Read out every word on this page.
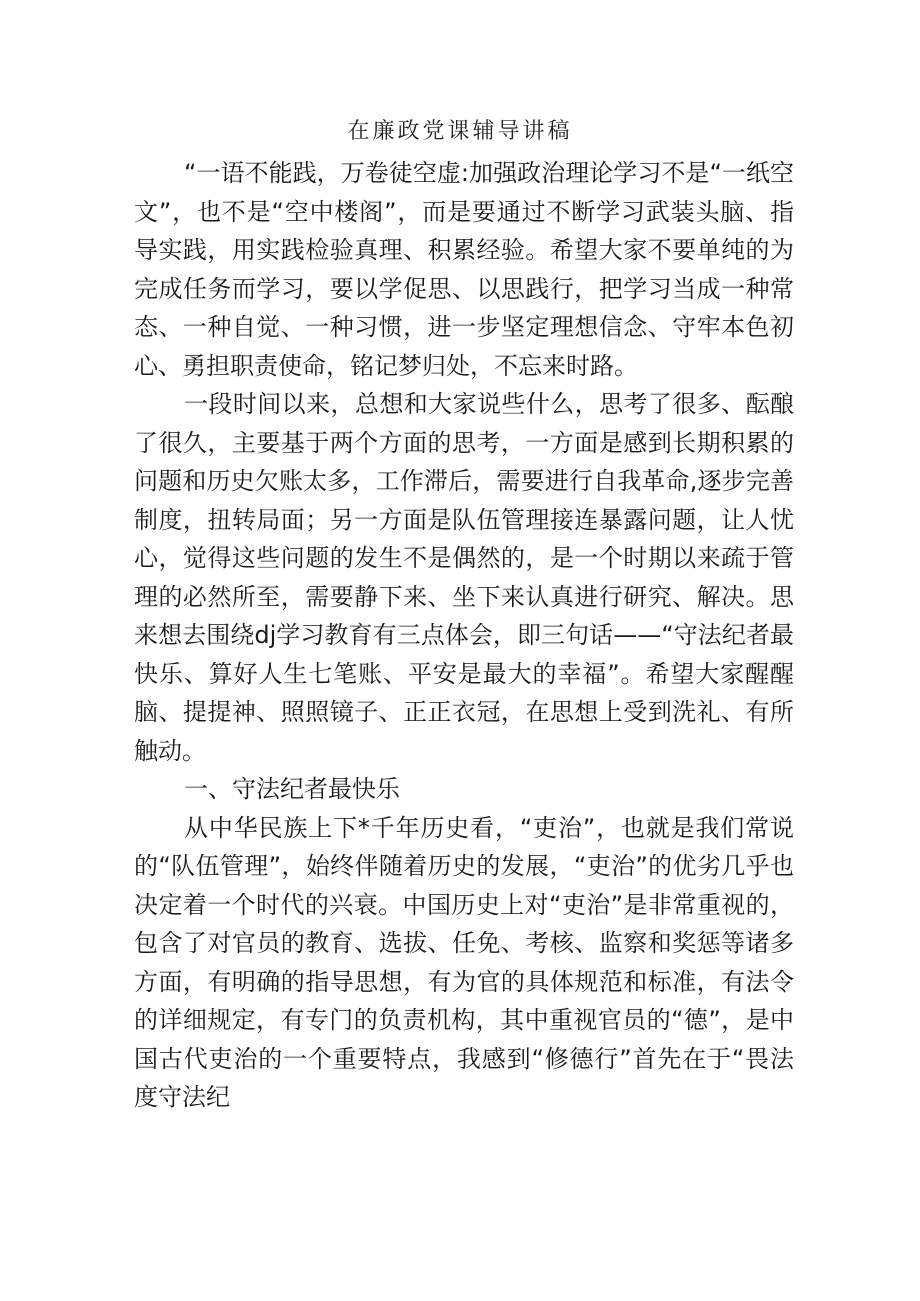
在廉政党课辅导讲稿

“一语不能践，万卷徒空虚:加强政治理论学习不是“一纸空文”，也不是“空中楼阁”，而是要通过不断学习武装头脑、指导实践，用实践检验真理、积累经验。希望大家不要单纯的为完成任务而学习，要以学促思、以思践行，把学习当成一种常态、一种自觉、一种习惯，进一步坚定理想信念、守牢本色初心、勇担职责使命，铭记梦归处，不忘来时路。

一段时间以来，总想和大家说些什么，思考了很多、酝酿了很久，主要基于两个方面的思考，一方面是感到长期积累的问题和历史欠账太多，工作滞后，需要进行自我革命,逐步完善制度，扭转局面；另一方面是队伍管理接连暴露问题，让人忧心，觉得这些问题的发生不是偶然的，是一个时期以来疏于管理的必然所至，需要静下来、坐下来认真进行研究、解决。思来想去围绕dj学习教育有三点体会，即三句话——“守法纪者最快乐、算好人生七笔账、平安是最大的幸福”。希望大家醒醒脑、提提神、照照镜子、正正衣冠，在思想上受到洗礼、有所触动。

一、守法纪者最快乐

从中华民族上下*千年历史看，“吏治”，也就是我们常说的“队伍管理”，始终伴随着历史的发展，“吏治”的优劣几乎也决定着一个时代的兴衰。中国历史上对“吏治”是非常重视的，包含了对官员的教育、选拔、任免、考核、监察和奖惩等诸多方面，有明确的指导思想，有为官的具体规范和标准，有法令的详细规定，有专门的负责机构，其中重视官员的“德”，是中国古代吏治的一个重要特点，我感到“修德行”首先在于“畏法度守法纪
